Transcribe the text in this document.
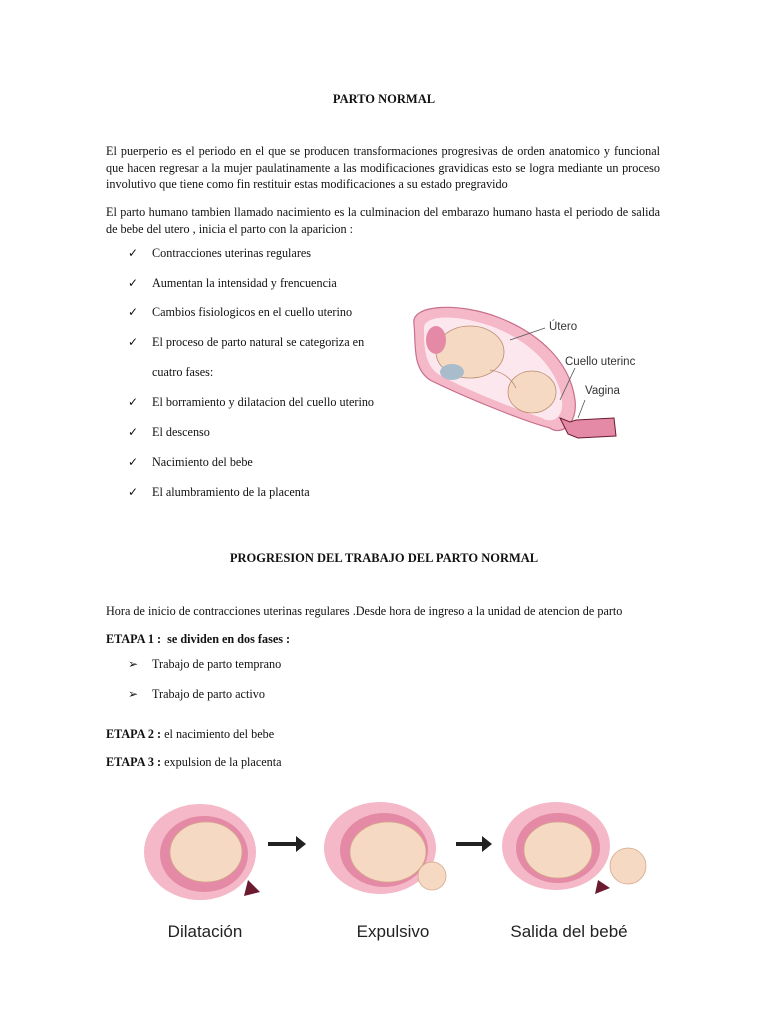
PARTO NORMAL
El puerperio es el periodo en el que se producen transformaciones progresivas de orden anatomico y funcional que hacen regresar a la mujer paulatinamente a las modificaciones gravidicas esto se logra mediante un proceso involutivo que tiene como fin restituir estas modificaciones a su estado pregravido
El parto humano tambien llamado nacimiento es la culminacion del embarazo humano hasta el periodo de salida de bebe del utero , inicia el parto con la aparicion :
✓	Contracciones uterinas regulares
✓	Aumentan la intensidad y frencuencia
✓	Cambios fisiologicos en el cuello uterino
✓	El proceso de parto natural se categoriza en
cuatro fases:
✓	El borramiento y dilatacion del cuello uterino
✓	El descenso
✓	Nacimiento del bebe
✓	El alumbramiento de la placenta
Útero
Cuello uterinc
Vagina
PROGRESION DEL TRABAJO DEL PARTO NORMAL
Hora de inicio de contracciones uterinas regulares .Desde hora de ingreso a la unidad de atencion de parto
ETAPA 1 : se dividen en dos fases :
➢	Trabajo de parto temprano
➢	Trabajo de parto activo
ETAPA 2 : el nacimiento del bebe
ETAPA 3 : expulsion de la placenta
Dilatación	Expulsivo	Salida del bebé
